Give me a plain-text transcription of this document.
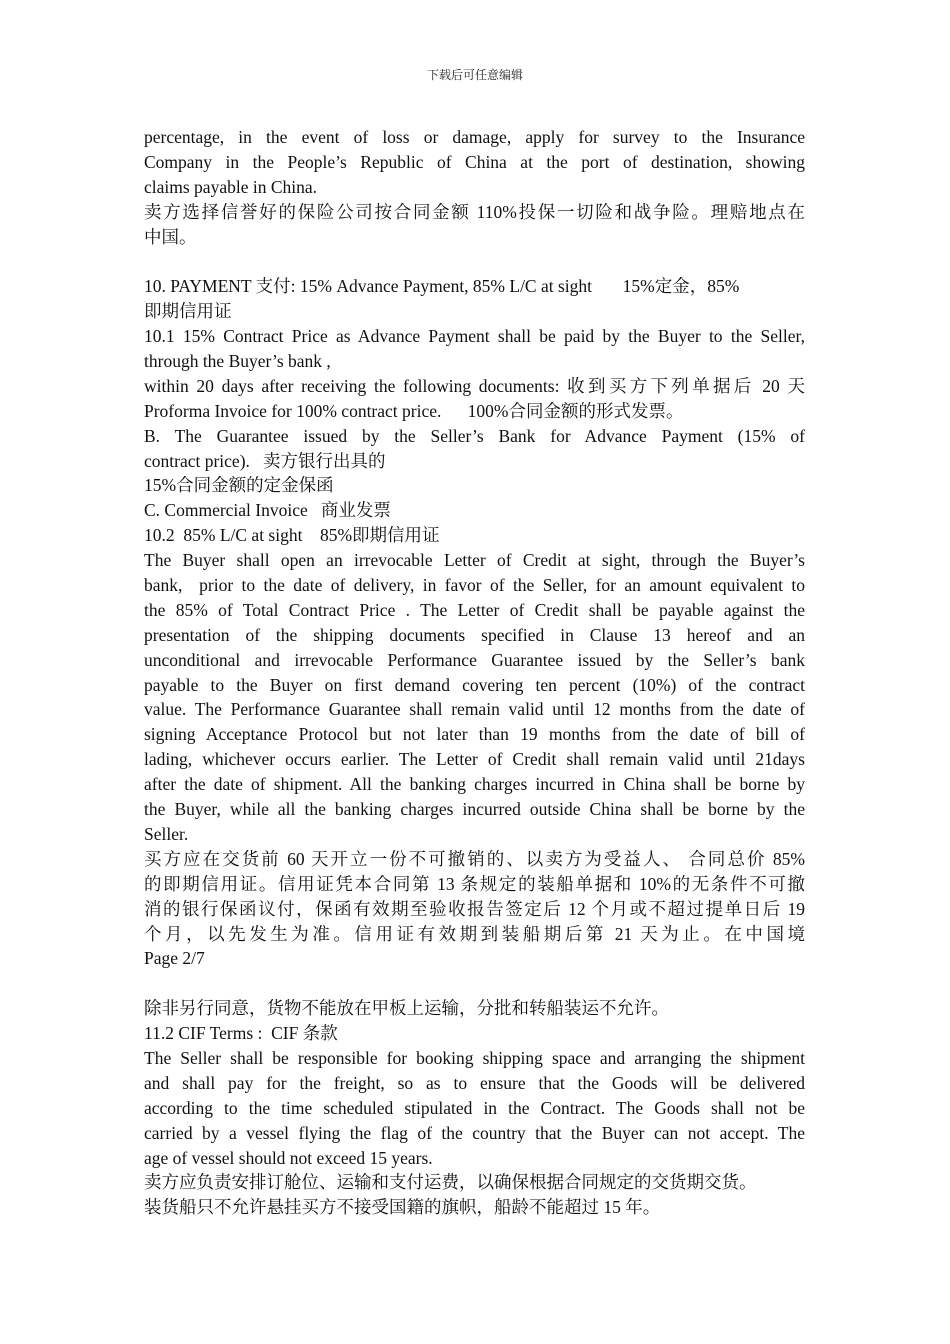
下载后可任意编辑
percentage, in the event of loss or damage, apply for survey to the Insurance
Company in the People’s Republic of China at the port of destination, showing
claims payable in China.
卖方选择信誉好的保险公司按合同金额 110%投保一切险和战争险。理赔地点在
中国。
10. PAYMENT 支付: 15% Advance Payment, 85% L/C at sight       15%定金，85%
即期信用证
10.1 15% Contract Price as Advance Payment shall be paid by the Buyer to the Seller,
through the Buyer’s bank ,
within 20 days after receiving the following documents: 收到买方下列单据后 20 天
Proforma Invoice for 100% contract price.      100%合同金额的形式发票。
B. The Guarantee issued by the Seller’s Bank for Advance Payment (15% of
contract price).   卖方银行出具的
15%合同金额的定金保函
C. Commercial Invoice   商业发票
10.2  85% L/C at sight    85%即期信用证
The Buyer shall open an irrevocable Letter of Credit at sight, through the Buyer’s
bank,  prior to the date of delivery, in favor of the Seller, for an amount equivalent to
the 85% of Total Contract Price . The Letter of Credit shall be payable against the
presentation of the shipping documents specified in Clause 13 hereof and an
unconditional and irrevocable Performance Guarantee issued by the Seller’s bank
payable to the Buyer on first demand covering ten percent (10%) of the contract
value. The Performance Guarantee shall remain valid until 12 months from the date of
signing Acceptance Protocol but not later than 19 months from the date of bill of
lading, whichever occurs earlier. The Letter of Credit shall remain valid until 21days
after the date of shipment. All the banking charges incurred in China shall be borne by
the Buyer, while all the banking charges incurred outside China shall be borne by the
Seller.
买方应在交货前 60 天开立一份不可撤销的、以卖方为受益人、 合同总价 85%
的即期信用证。信用证凭本合同第 13 条规定的装船单据和 10%的无条件不可撤
消的银行保函议付，保函有效期至验收报告签定后 12 个月或不超过提单日后 19
个月，以先发生为准。信用证有效期到装船期后第 21 天为止。在中国境
Page 2/7
除非另行同意，货物不能放在甲板上运输，分批和转船装运不允许。
11.2 CIF Terms :  CIF 条款
The Seller shall be responsible for booking shipping space and arranging the shipment
and shall pay for the freight, so as to ensure that the Goods will be delivered
according to the time scheduled stipulated in the Contract. The Goods shall not be
carried by a vessel flying the flag of the country that the Buyer can not accept. The
age of vessel should not exceed 15 years.
卖方应负责安排订舱位、运输和支付运费，以确保根据合同规定的交货期交货。
装货船只不允许悬挂买方不接受国籍的旗帜，船龄不能超过 15 年。
